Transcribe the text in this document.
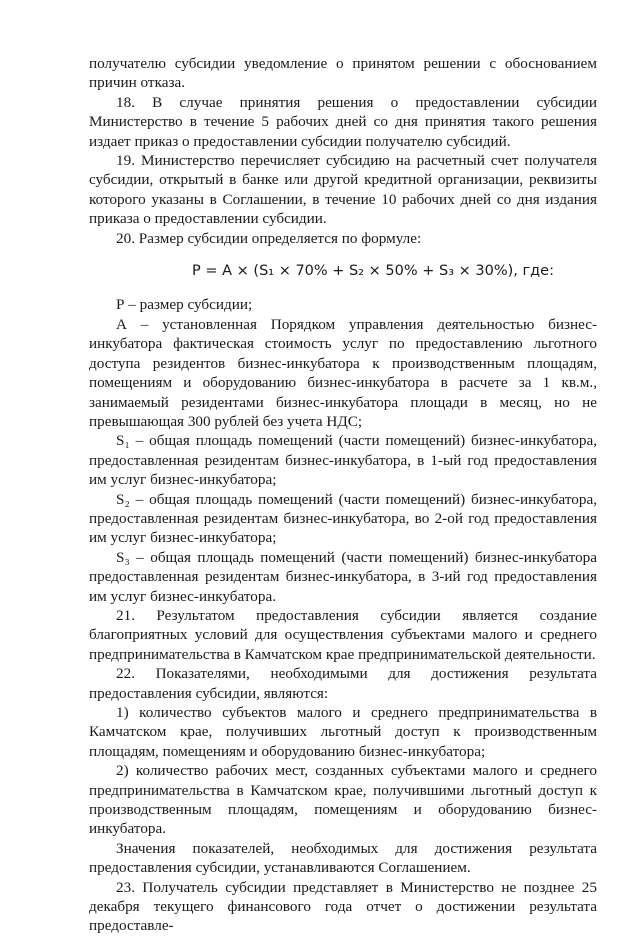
получателю субсидии уведомление о принятом решении с обоснованием причин отказа.

18. В случае принятия решения о предоставлении субсидии Министерство в течение 5 рабочих дней со дня принятия такого решения издает приказ о предоставлении субсидии получателю субсидий.

19. Министерство перечисляет субсидию на расчетный счет получателя субсидии, открытый в банке или другой кредитной организации, реквизиты которого указаны в Соглашении, в течение 10 рабочих дней со дня издания приказа о предоставлении субсидии.

20. Размер субсидии определяется по формуле:

P = A × (S₁ × 70% + S₂ × 50% + S₃ × 30%), где:

Р – размер субсидии;

А – установленная Порядком управления деятельностью бизнес-инкубатора фактическая стоимость услуг по предоставлению льготного доступа резидентов бизнес-инкубатора к производственным площадям, помещениям и оборудованию бизнес-инкубатора в расчете за 1 кв.м., занимаемый резидентами бизнес-инкубатора площади в месяц, но не превышающая 300 рублей без учета НДС;

S₁ – общая площадь помещений (части помещений) бизнес-инкубатора, предоставленная резидентам бизнес-инкубатора, в 1-ый год предоставления им услуг бизнес-инкубатора;

S₂ – общая площадь помещений (части помещений) бизнес-инкубатора, предоставленная резидентам бизнес-инкубатора, во 2-ой год предоставления им услуг бизнес-инкубатора;

S₃ – общая площадь помещений (части помещений) бизнес-инкубатора предоставленная резидентам бизнес-инкубатора, в 3-ий год предоставления им услуг бизнес-инкубатора.

21. Результатом предоставления субсидии является создание благоприятных условий для осуществления субъектами малого и среднего предпринимательства в Камчатском крае предпринимательской деятельности.

22. Показателями, необходимыми для достижения результата предоставления субсидии, являются:

1) количество субъектов малого и среднего предпринимательства в Камчатском крае, получивших льготный доступ к производственным площадям, помещениям и оборудованию бизнес-инкубатора;

2) количество рабочих мест, созданных субъектами малого и среднего предпринимательства в Камчатском крае, получившими льготный доступ к производственным площадям, помещениям и оборудованию бизнес-инкубатора.

Значения показателей, необходимых для достижения результата предоставления субсидии, устанавливаются Соглашением.

23. Получатель субсидии представляет в Министерство не позднее 25 декабря текущего финансового года отчет о достижении результата предоставле-
